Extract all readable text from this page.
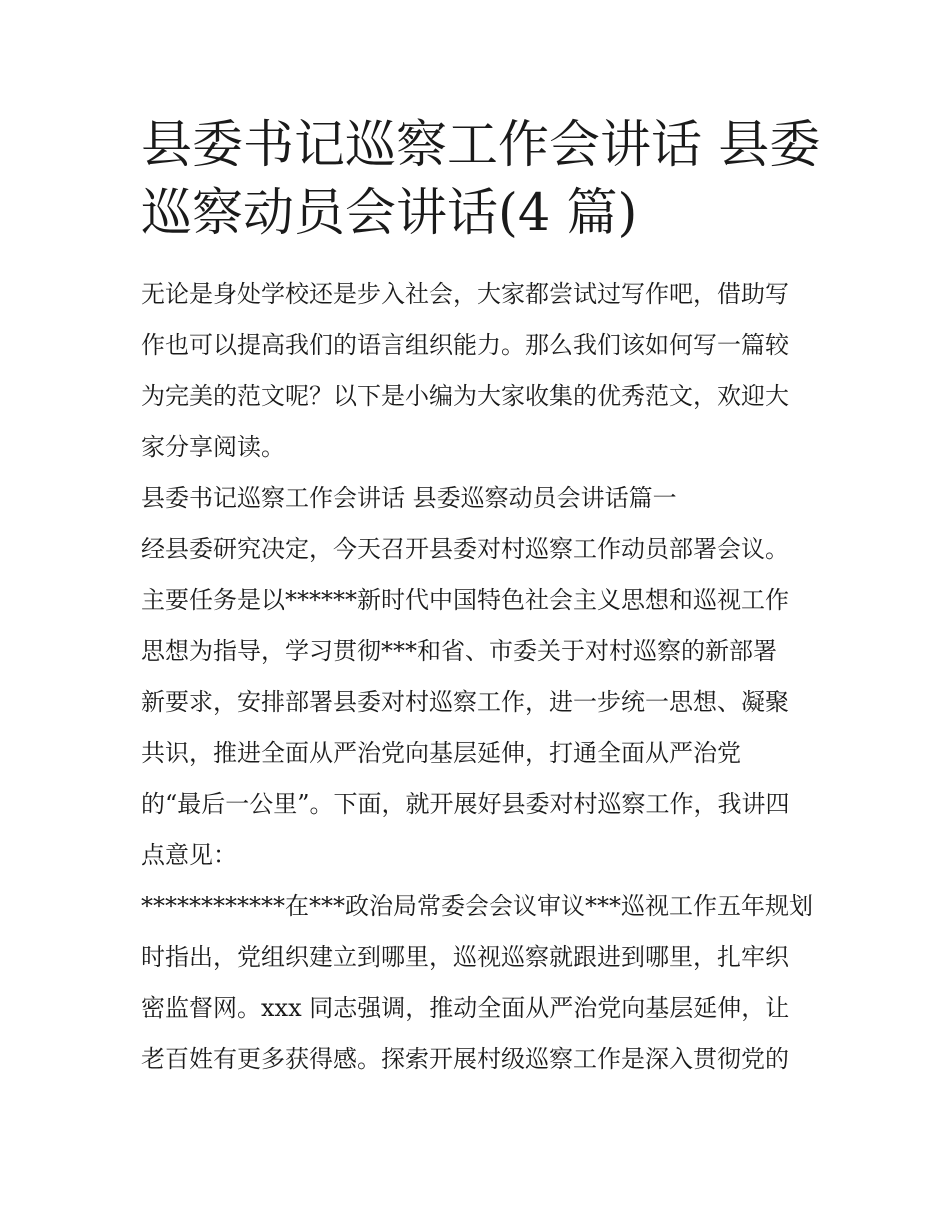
县委书记巡察工作会讲话 县委
巡察动员会讲话(4 篇)

无论是身处学校还是步入社会，大家都尝试过写作吧，借助写
作也可以提高我们的语言组织能力。那么我们该如何写一篇较
为完美的范文呢？以下是小编为大家收集的优秀范文，欢迎大
家分享阅读。

县委书记巡察工作会讲话 县委巡察动员会讲话篇一

经县委研究决定，今天召开县委对村巡察工作动员部署会议。
主要任务是以******新时代中国特色社会主义思想和巡视工作
思想为指导，学习贯彻***和省、市委关于对村巡察的新部署
新要求，安排部署县委对村巡察工作，进一步统一思想、凝聚
共识，推进全面从严治党向基层延伸，打通全面从严治党
的“最后一公里”。下面，就开展好县委对村巡察工作，我讲四
点意见：

************在***政治局常委会会议审议***巡视工作五年规划
时指出，党组织建立到哪里，巡视巡察就跟进到哪里，扎牢织
密监督网。xxx 同志强调，推动全面从严治党向基层延伸，让
老百姓有更多获得感。探索开展村级巡察工作是深入贯彻党的
